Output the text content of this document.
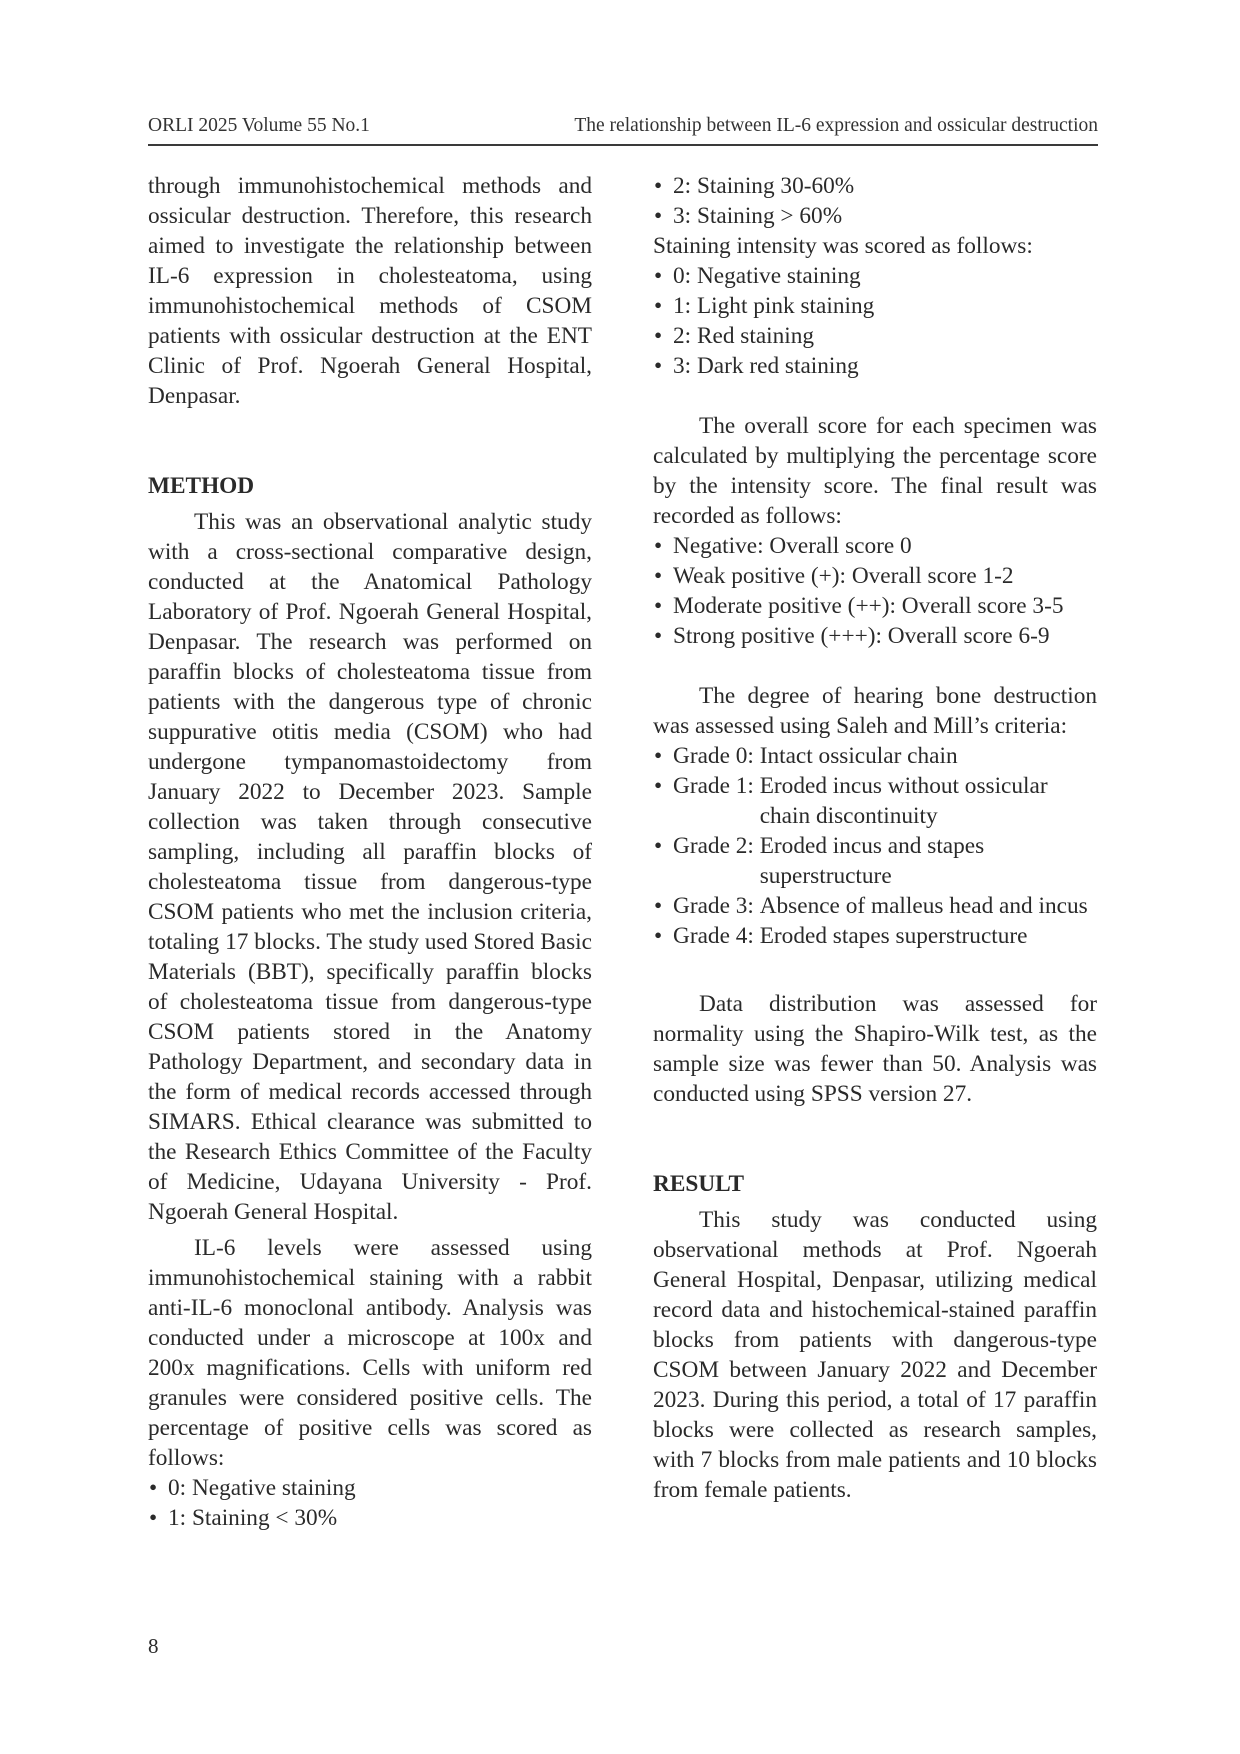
ORLI 2025 Volume 55 No.1	The relationship between IL-6 expression and ossicular destruction

through immunohistochemical methods and ossicular destruction. Therefore, this research aimed to investigate the relationship between IL-6 expression in cholesteatoma, using immunohistochemical methods of CSOM patients with ossicular destruction at the ENT Clinic of Prof. Ngoerah General Hospital, Denpasar.

METHOD

This was an observational analytic study with a cross-sectional comparative design, conducted at the Anatomical Pathology Laboratory of Prof. Ngoerah General Hospital, Denpasar. The research was performed on paraffin blocks of cholesteatoma tissue from patients with the dangerous type of chronic suppurative otitis media (CSOM) who had undergone tympanomastoidectomy from January 2022 to December 2023. Sample collection was taken through consecutive sampling, including all paraffin blocks of cholesteatoma tissue from dangerous-type CSOM patients who met the inclusion criteria, totaling 17 blocks. The study used Stored Basic Materials (BBT), specifically paraffin blocks of cholesteatoma tissue from dangerous-type CSOM patients stored in the Anatomy Pathology Department, and secondary data in the form of medical records accessed through SIMARS. Ethical clearance was submitted to the Research Ethics Committee of the Faculty of Medicine, Udayana University - Prof. Ngoerah General Hospital.

IL-6 levels were assessed using immunohistochemical staining with a rabbit anti-IL-6 monoclonal antibody. Analysis was conducted under a microscope at 100x and 200x magnifications. Cells with uniform red granules were considered positive cells. The percentage of positive cells was scored as follows:

• 0: Negative staining
• 1: Staining < 30%
• 2: Staining 30-60%
• 3: Staining > 60%

Staining intensity was scored as follows:

• 0: Negative staining
• 1: Light pink staining
• 2: Red staining
• 3: Dark red staining

The overall score for each specimen was calculated by multiplying the percentage score by the intensity score. The final result was recorded as follows:

• Negative: Overall score 0
• Weak positive (+): Overall score 1-2
• Moderate positive (++): Overall score 3-5
• Strong positive (+++): Overall score 6-9

The degree of hearing bone destruction was assessed using Saleh and Mill’s criteria:

• Grade 0: Intact ossicular chain
• Grade 1: Eroded incus without ossicular chain discontinuity
• Grade 2: Eroded incus and stapes superstructure
• Grade 3: Absence of malleus head and incus
• Grade 4: Eroded stapes superstructure

Data distribution was assessed for normality using the Shapiro-Wilk test, as the sample size was fewer than 50. Analysis was conducted using SPSS version 27.

RESULT

This study was conducted using observational methods at Prof. Ngoerah General Hospital, Denpasar, utilizing medical record data and histochemical-stained paraffin blocks from patients with dangerous-type CSOM between January 2022 and December 2023. During this period, a total of 17 paraffin blocks were collected as research samples, with 7 blocks from male patients and 10 blocks from female patients.

8
